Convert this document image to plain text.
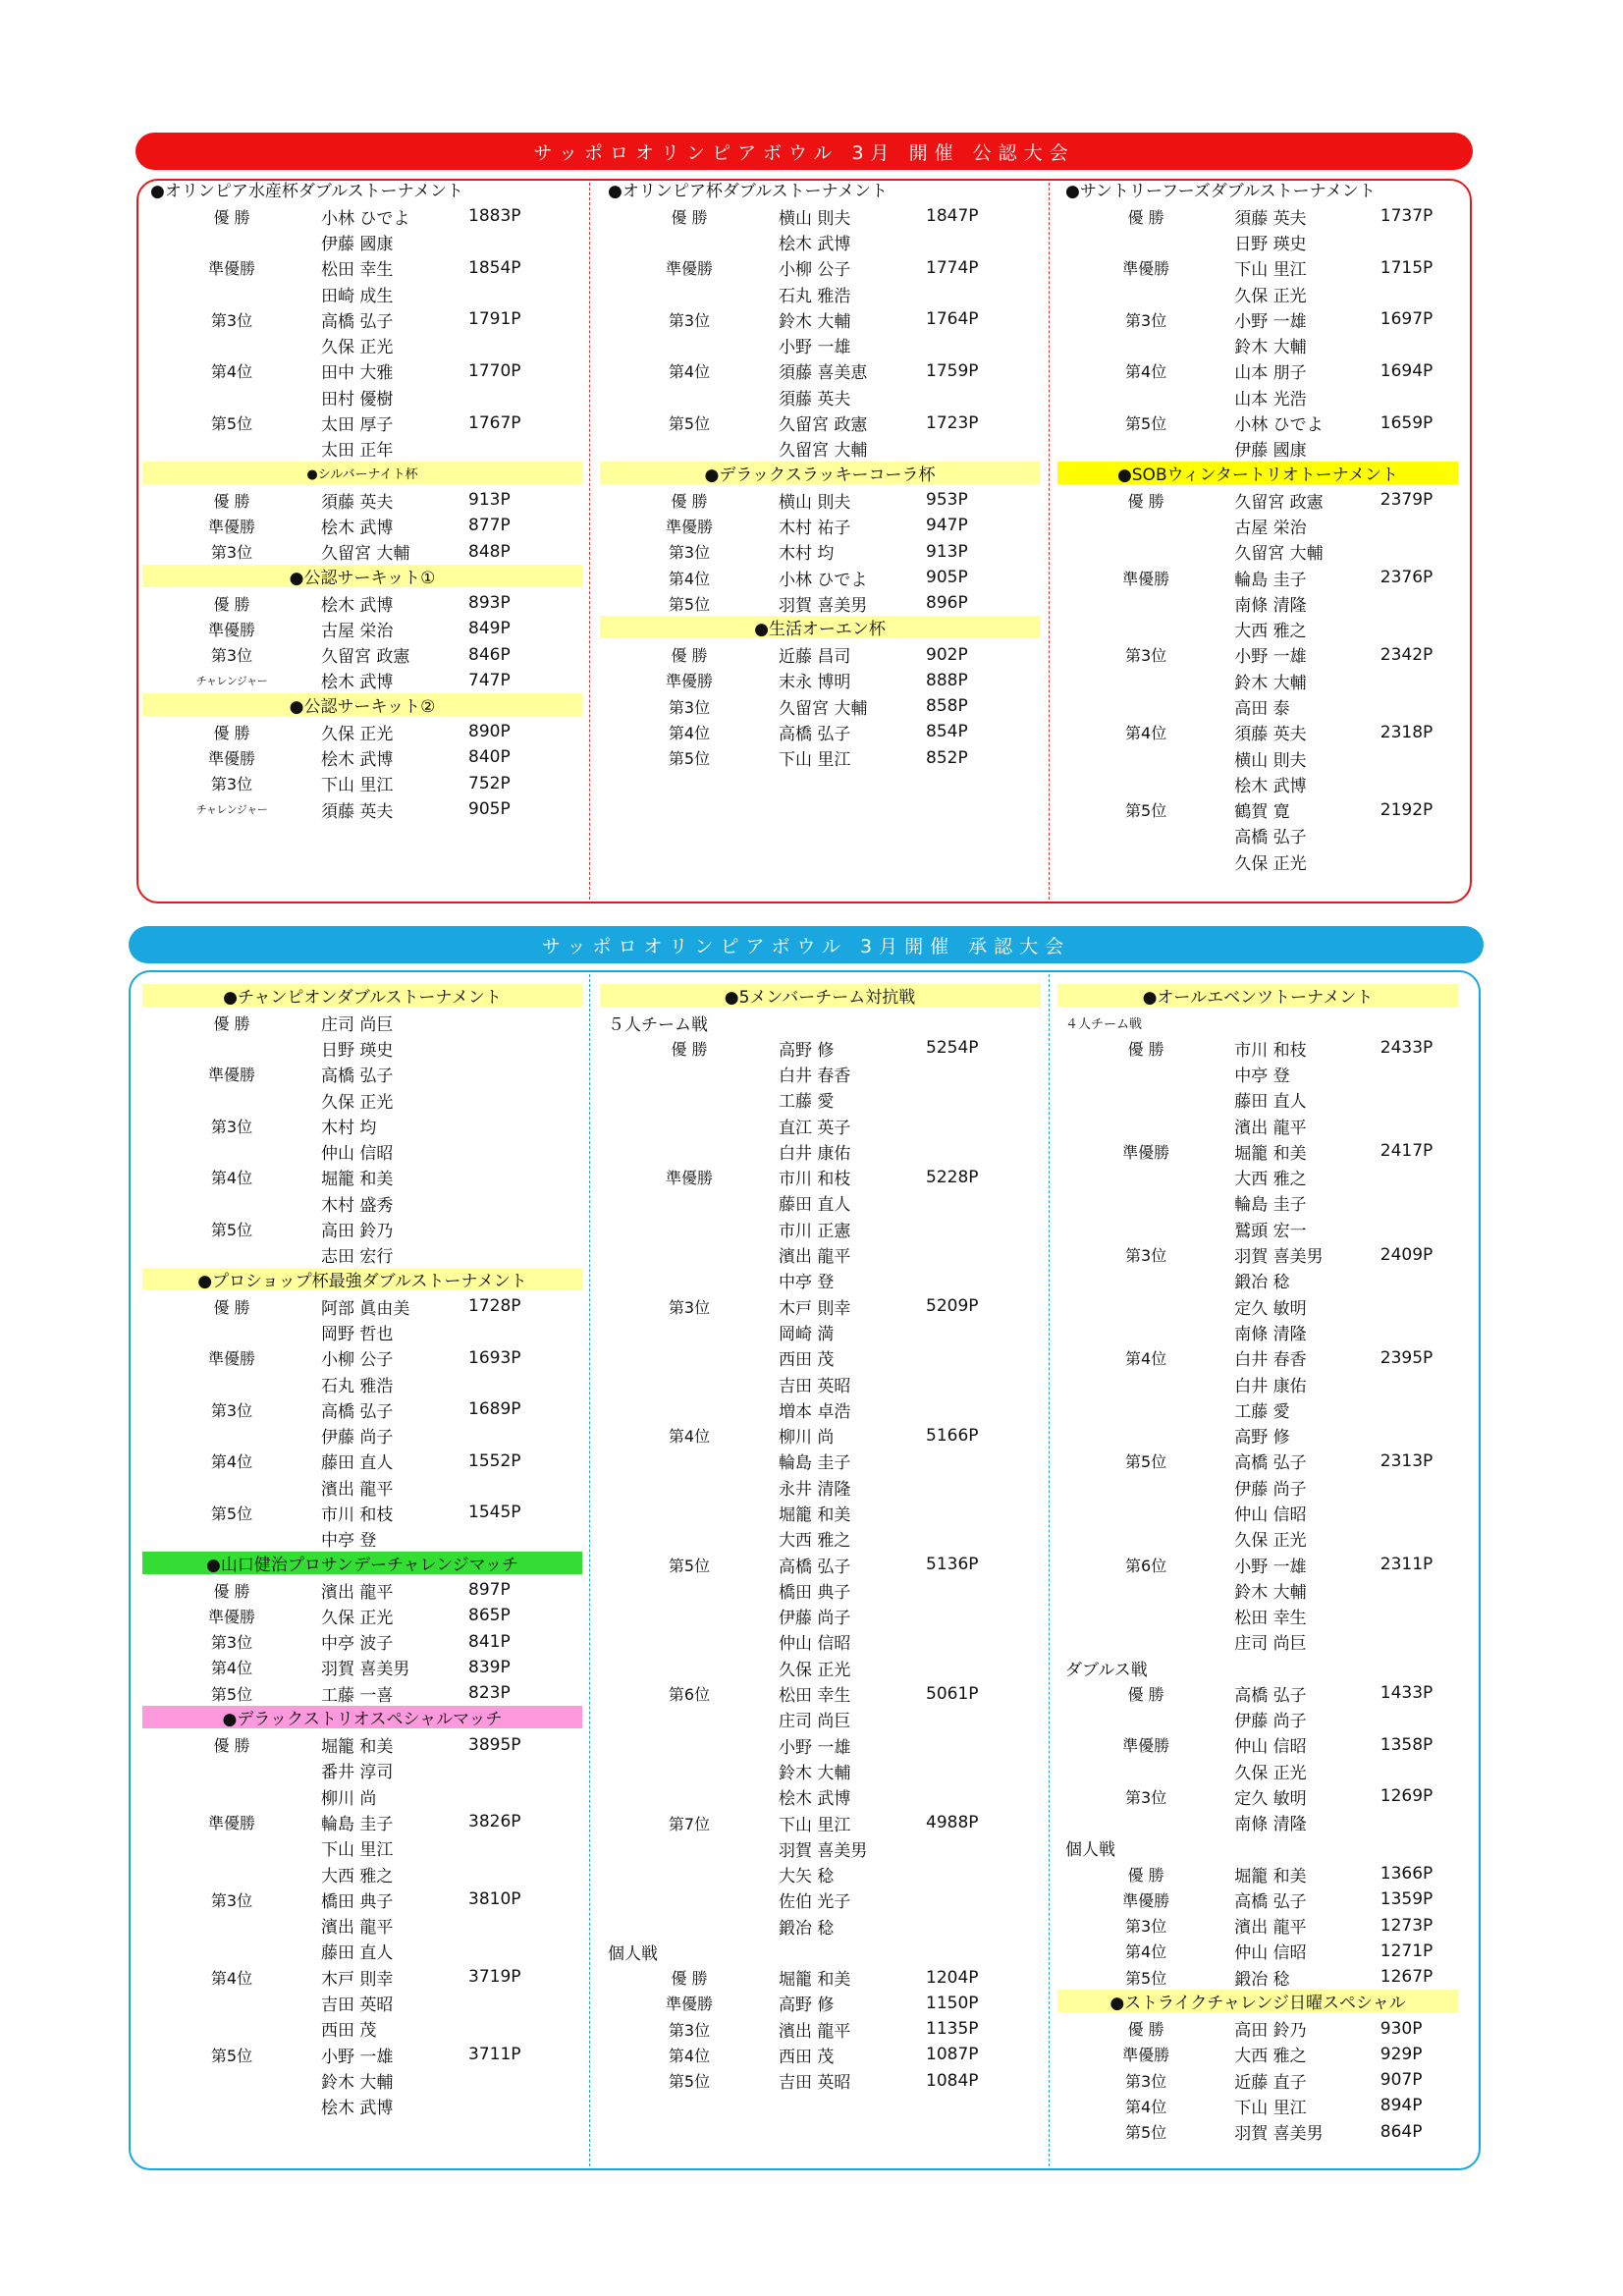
サッポロオリンピアボウル 3月 開催 公認大会
サッポロオリンピアボウル 3月開催 承認大会
●オリンピア水産杯ダブルストーナメント
優 勝	小林 ひでよ	1883P
伊藤 國康
準優勝	松田 幸生	1854P
田崎 成生
第3位	高橋 弘子	1791P
久保 正光
第4位	田中 大雅	1770P
田村 優樹
第5位	太田 厚子	1767P
太田 正年
●シルバーナイト杯
優 勝	須藤 英夫	913P
準優勝	桧木 武博	877P
第3位	久留宮 大輔	848P
●公認サーキット①
優 勝	桧木 武博	893P
準優勝	古屋 栄治	849P
第3位	久留宮 政憲	846P
チャレンジャー	桧木 武博	747P
●公認サーキット②
優 勝	久保 正光	890P
準優勝	桧木 武博	840P
第3位	下山 里江	752P
チャレンジャー	須藤 英夫	905P
●オリンピア杯ダブルストーナメント
優 勝	横山 則夫	1847P
桧木 武博
準優勝	小柳 公子	1774P
石丸 雅浩
第3位	鈴木 大輔	1764P
小野 一雄
第4位	須藤 喜美恵	1759P
須藤 英夫
第5位	久留宮 政憲	1723P
久留宮 大輔
●デラックスラッキーコーラ杯
優 勝	横山 則夫	953P
準優勝	木村 祐子	947P
第3位	木村 均	913P
第4位	小林 ひでよ	905P
第5位	羽賀 喜美男	896P
●生活オーエン杯
優 勝	近藤 昌司	902P
準優勝	末永 博明	888P
第3位	久留宮 大輔	858P
第4位	高橋 弘子	854P
第5位	下山 里江	852P
●サントリーフーズダブルストーナメント
優 勝	須藤 英夫	1737P
日野 瑛史
準優勝	下山 里江	1715P
久保 正光
第3位	小野 一雄	1697P
鈴木 大輔
第4位	山本 朋子	1694P
山本 光浩
第5位	小林 ひでよ	1659P
伊藤 國康
●SOBウィンタートリオトーナメント
優 勝	久留宮 政憲	2379P
古屋 栄治
久留宮 大輔
準優勝	輪島 圭子	2376P
南條 清隆
大西 雅之
第3位	小野 一雄	2342P
鈴木 大輔
高田 泰
第4位	須藤 英夫	2318P
横山 則夫
桧木 武博
第5位	鶴賀 寛	2192P
高橋 弘子
久保 正光
●チャンピオンダブルストーナメント
優 勝	庄司 尚巨
日野 瑛史
準優勝	高橋 弘子
久保 正光
第3位	木村 均
仲山 信昭
第4位	堀籠 和美
木村 盛秀
第5位	高田 鈴乃
志田 宏行
●プロショップ杯最強ダブルストーナメント
優 勝	阿部 眞由美	1728P
岡野 哲也
準優勝	小柳 公子	1693P
石丸 雅浩
第3位	高橋 弘子	1689P
伊藤 尚子
第4位	藤田 直人	1552P
濱出 龍平
第5位	市川 和枝	1545P
中亭 登
●山口健治プロサンデーチャレンジマッチ
優 勝	濱出 龍平	897P
準優勝	久保 正光	865P
第3位	中亭 波子	841P
第4位	羽賀 喜美男	839P
第5位	工藤 一喜	823P
●デラックストリオスペシャルマッチ
優 勝	堀籠 和美	3895P
番井 淳司
柳川 尚
準優勝	輪島 圭子	3826P
下山 里江
大西 雅之
第3位	橋田 典子	3810P
濱出 龍平
藤田 直人
第4位	木戸 則幸	3719P
吉田 英昭
西田 茂
第5位	小野 一雄	3711P
鈴木 大輔
桧木 武博
●5メンバーチーム対抗戦
５人チーム戦
優 勝	高野 修	5254P
白井 春香
工藤 愛
直江 英子
白井 康佑
準優勝	市川 和枝	5228P
藤田 直人
市川 正憲
濱出 龍平
中亭 登
第3位	木戸 則幸	5209P
岡崎 満
西田 茂
吉田 英昭
増本 卓浩
第4位	柳川 尚	5166P
輪島 圭子
永井 清隆
堀籠 和美
大西 雅之
第5位	高橋 弘子	5136P
橋田 典子
伊藤 尚子
仲山 信昭
久保 正光
第6位	松田 幸生	5061P
庄司 尚巨
小野 一雄
鈴木 大輔
桧木 武博
第7位	下山 里江	4988P
羽賀 喜美男
大矢 稔
佐伯 光子
鍛冶 稔
個人戦
優 勝	堀籠 和美	1204P
準優勝	高野 修	1150P
第3位	濱出 龍平	1135P
第4位	西田 茂	1087P
第5位	吉田 英昭	1084P
●オールエベンツトーナメント
４人チーム戦
優 勝	市川 和枝	2433P
中亭 登
藤田 直人
濱出 龍平
準優勝	堀籠 和美	2417P
大西 雅之
輪島 圭子
鷲頭 宏一
第3位	羽賀 喜美男	2409P
鍛冶 稔
定久 敏明
南條 清隆
第4位	白井 春香	2395P
白井 康佑
工藤 愛
高野 修
第5位	高橋 弘子	2313P
伊藤 尚子
仲山 信昭
久保 正光
第6位	小野 一雄	2311P
鈴木 大輔
松田 幸生
庄司 尚巨
ダブルス戦
優 勝	高橋 弘子	1433P
伊藤 尚子
準優勝	仲山 信昭	1358P
久保 正光
第3位	定久 敏明	1269P
南條 清隆
個人戦
優 勝	堀籠 和美	1366P
準優勝	高橋 弘子	1359P
第3位	濱出 龍平	1273P
第4位	仲山 信昭	1271P
第5位	鍛冶 稔	1267P
●ストライクチャレンジ日曜スペシャル
優 勝	高田 鈴乃	930P
準優勝	大西 雅之	929P
第3位	近藤 直子	907P
第4位	下山 里江	894P
第5位	羽賀 喜美男	864P
